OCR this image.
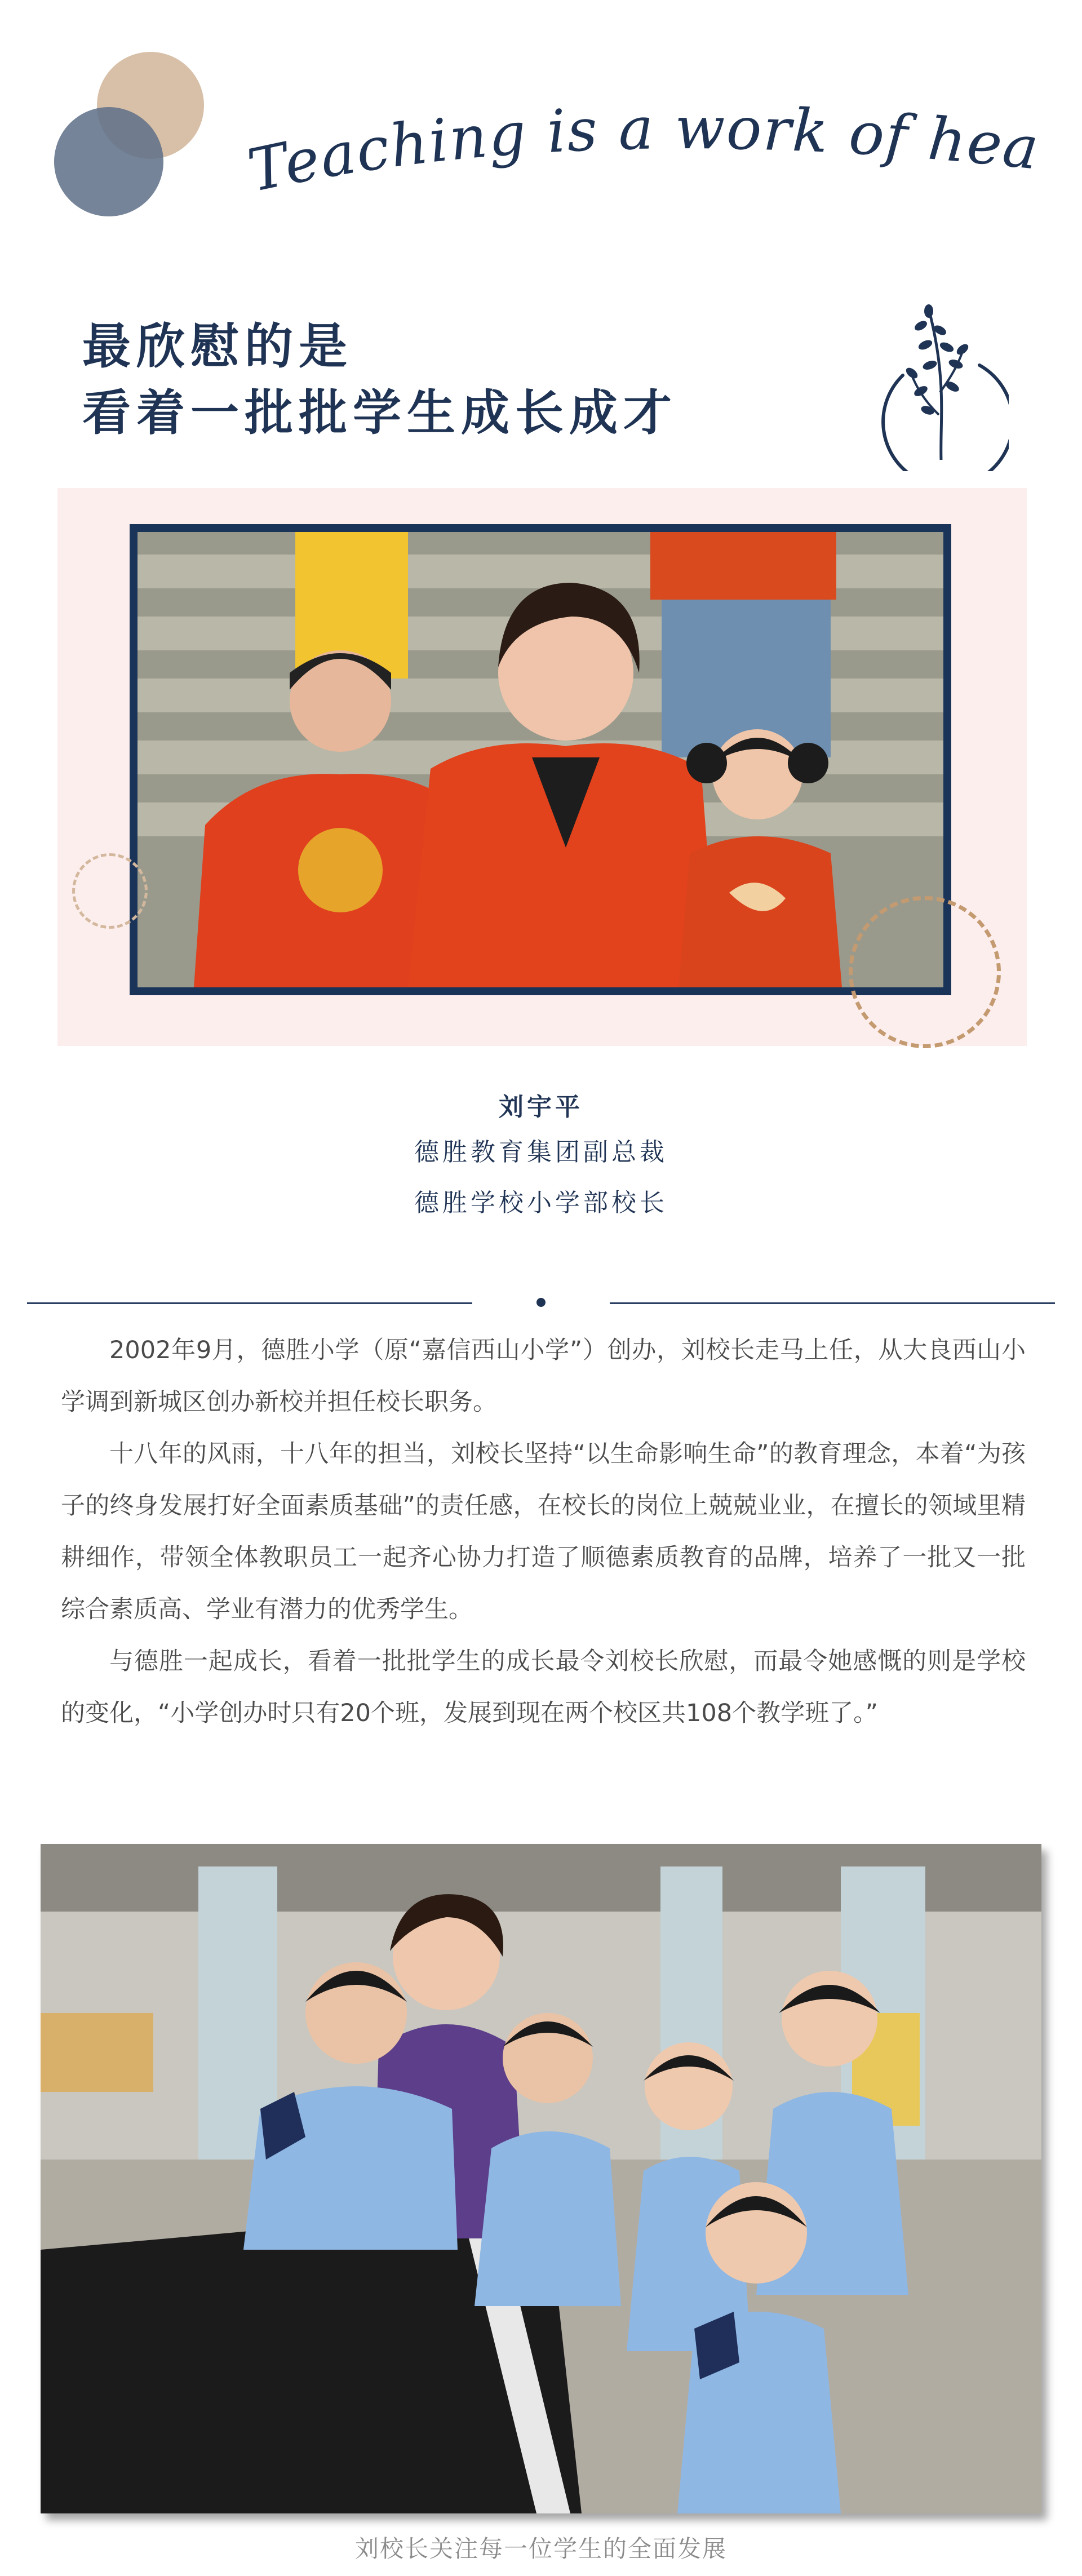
Teaching is a work of heart
最欣慰的是
看着一批批学生成长成才
刘宇平
德胜教育集团副总裁
德胜学校小学部校长

2002年9月，德胜小学（原“嘉信西山小学”）创办，刘校长走马上任，从大良西山小学调到新城区创办新校并担任校长职务。

十八年的风雨，十八年的担当，刘校长坚持“以生命影响生命”的教育理念，本着“为孩子的终身发展打好全面素质基础”的责任感，在校长的岗位上兢兢业业，在擅长的领域里精耕细作，带领全体教职员工一起齐心协力打造了顺德素质教育的品牌，培养了一批又一批综合素质高、学业有潜力的优秀学生。

与德胜一起成长，看着一批批学生的成长最令刘校长欣慰，而最令她感慨的则是学校的变化，“小学创办时只有20个班，发展到现在两个校区共108个教学班了。”

刘校长关注每一位学生的全面发展
